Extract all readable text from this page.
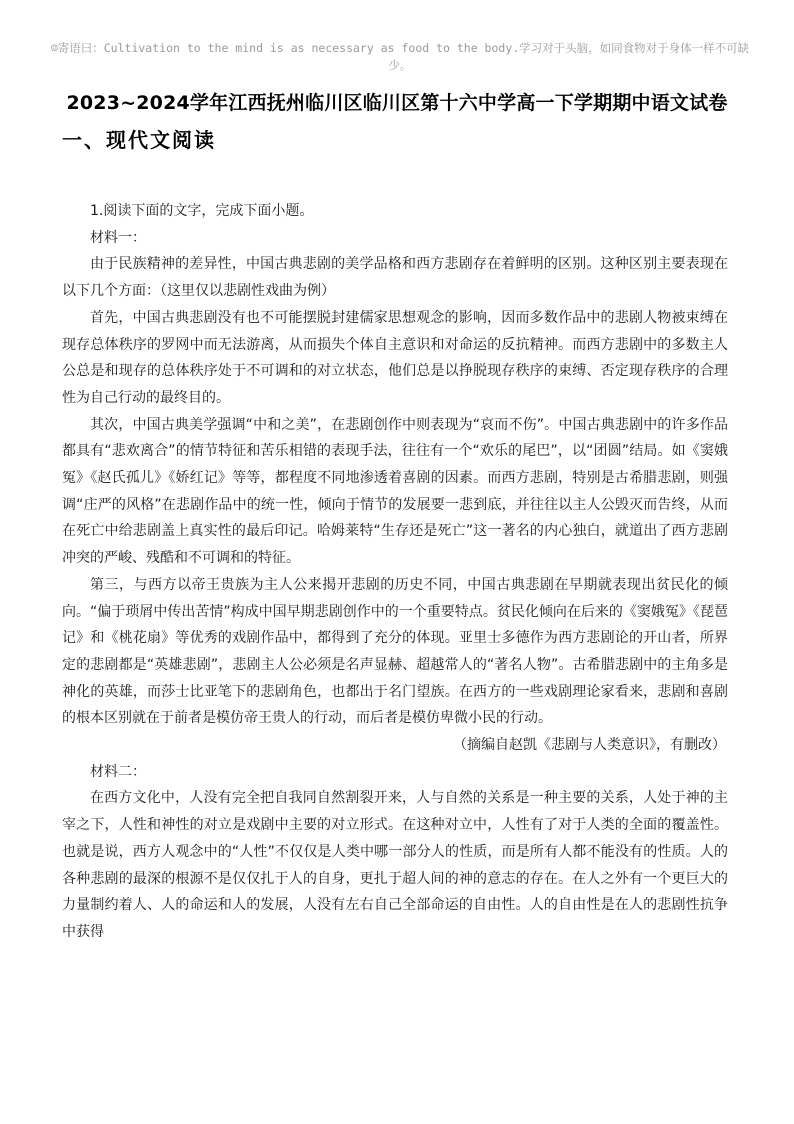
☺寄语曰：Cultivation to the mind is as necessary as food to the body.学习对于头脑，如同食物对于身体一样不可缺少。
2023~2024学年江西抚州临川区临川区第十六中学高一下学期期中语文试卷
一、现代文阅读

1.阅读下面的文字，完成下面小题。

材料一：

由于民族精神的差异性，中国古典悲剧的美学品格和西方悲剧存在着鲜明的区别。这种区别主要表现在以下几个方面：（这里仅以悲剧性戏曲为例）

首先，中国古典悲剧没有也不可能摆脱封建儒家思想观念的影响，因而多数作品中的悲剧人物被束缚在现存总体秩序的罗网中而无法游离，从而损失个体自主意识和对命运的反抗精神。而西方悲剧中的多数主人公总是和现存的总体秩序处于不可调和的对立状态，他们总是以挣脱现存秩序的束缚、否定现存秩序的合理性为自己行动的最终目的。

其次，中国古典美学强调“中和之美”，在悲剧创作中则表现为“哀而不伤”。中国古典悲剧中的许多作品都具有“悲欢离合”的情节特征和苦乐相错的表现手法，往往有一个“欢乐的尾巴”，以“团圆”结局。如《窦娥冤》《赵氏孤儿》《娇红记》等等，都程度不同地渗透着喜剧的因素。而西方悲剧，特别是古希腊悲剧，则强调“庄严的风格”在悲剧作品中的统一性，倾向于情节的发展要一悲到底，并往往以主人公毁灭而告终，从而在死亡中给悲剧盖上真实性的最后印记。哈姆莱特“生存还是死亡”这一著名的内心独白，就道出了西方悲剧冲突的严峻、残酷和不可调和的特征。

第三，与西方以帝王贵族为主人公来揭开悲剧的历史不同，中国古典悲剧在早期就表现出贫民化的倾向。“偏于琐屑中传出苦情”构成中国早期悲剧创作中的一个重要特点。贫民化倾向在后来的《窦娥冤》《琵琶记》和《桃花扇》等优秀的戏剧作品中，都得到了充分的体现。亚里士多德作为西方悲剧论的开山者，所界定的悲剧都是“英雄悲剧”，悲剧主人公必须是名声显赫、超越常人的“著名人物”。古希腊悲剧中的主角多是神化的英雄，而莎士比亚笔下的悲剧角色，也都出于名门望族。在西方的一些戏剧理论家看来，悲剧和喜剧的根本区别就在于前者是模仿帝王贵人的行动，而后者是模仿卑微小民的行动。

（摘编自赵凯《悲剧与人类意识》，有删改）

材料二：

在西方文化中，人没有完全把自我同自然割裂开来，人与自然的关系是一种主要的关系，人处于神的主宰之下，人性和神性的对立是戏剧中主要的对立形式。在这种对立中，人性有了对于人类的全面的覆盖性。也就是说，西方人观念中的“人性”不仅仅是人类中哪一部分人的性质，而是所有人都不能没有的性质。人的各种悲剧的最深的根源不是仅仅扎于人的自身，更扎于超人间的神的意志的存在。在人之外有一个更巨大的力量制约着人、人的命运和人的发展，人没有左右自己全部命运的自由性。人的自由性是在人的悲剧性抗争中获得
